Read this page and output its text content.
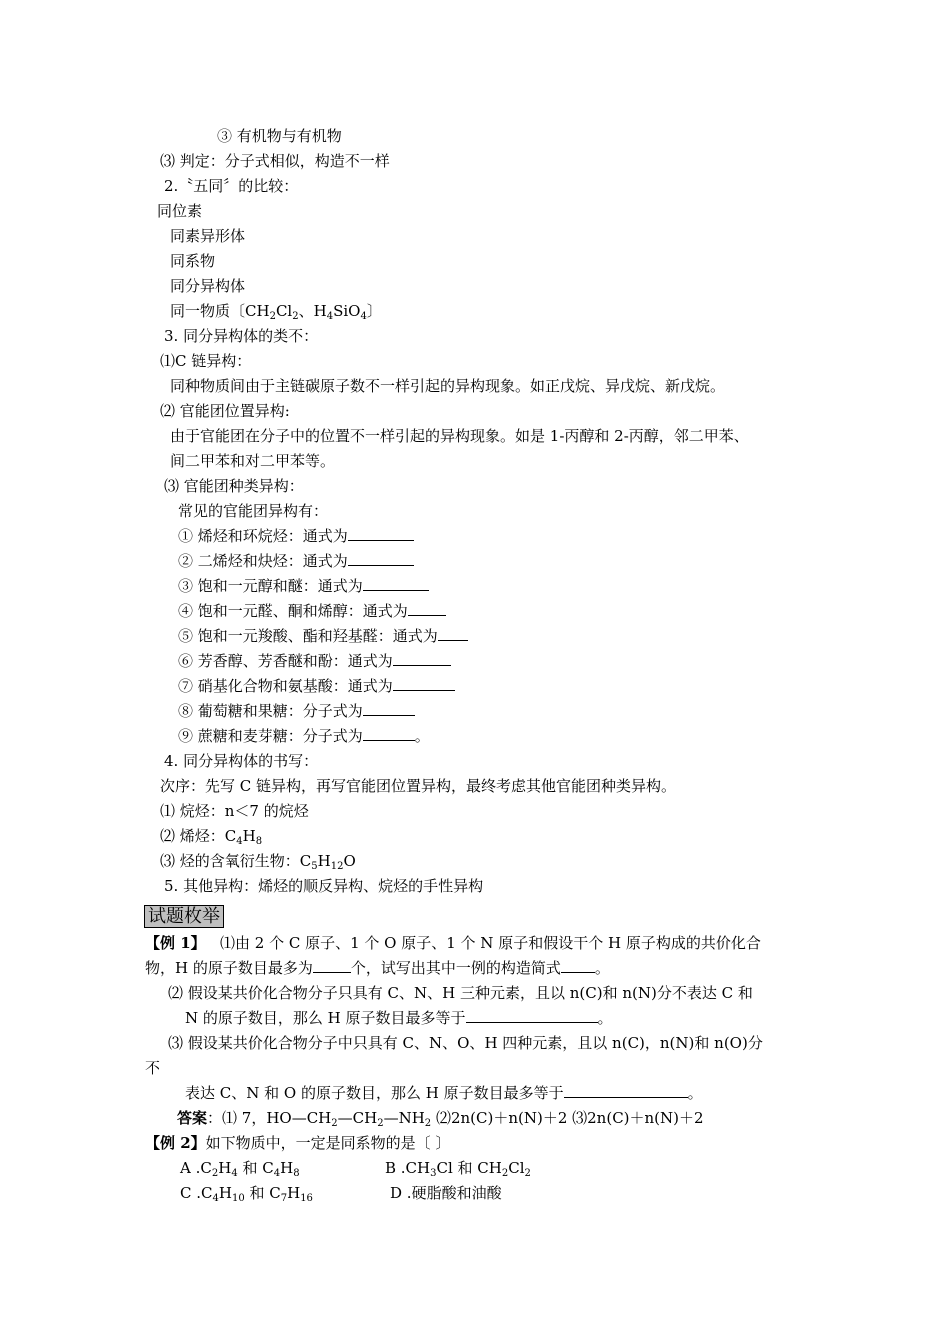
③ 有机物与有机物
⑶ 判定：分子式相似，构造不一样
2.〝五同〞的比较：
同位素
同素异形体
同系物
同分异构体
同一物质〔$CH_2Cl_2$、$H_4SiO_4$〕
3. 同分异构体的类不：
⑴C 链异构：
同种物质间由于主链碳原子数不一样引起的异构现象。如正戊烷、异戊烷、新戊烷。
⑵ 官能团位置异构:
由于官能团在分子中的位置不一样引起的异构现象。如是 1-丙醇和 2-丙醇，邻二甲苯、
间二甲苯和对二甲苯等。
⑶ 官能团种类异构：
常见的官能团异构有：
① 烯烃和环烷烃：通式为
② 二烯烃和炔烃：通式为
③ 饱和一元醇和醚：通式为
④ 饱和一元醛、酮和烯醇：通式为
⑤ 饱和一元羧酸、酯和羟基醛：通式为
⑥ 芳香醇、芳香醚和酚：通式为
⑦ 硝基化合物和氨基酸：通式为
⑧ 葡萄糖和果糖：分子式为
⑨ 蔗糖和麦芽糖：分子式为	。
4. 同分异构体的书写：
次序：先写 C 链异构，再写官能团位置异构，最终考虑其他官能团种类异构。
⑴ 烷烃：n＜7 的烷烃
⑵ 烯烃：$C_4H_8$
⑶ 烃的含氧衍生物：$C_5H_{12}O$
5. 其他异构：烯烃的顺反异构、烷烃的手性异构
试题枚举
【例 1】 ⑴由 2 个 C 原子、1 个 O 原子、1 个 N 原子和假设干个 H 原子构成的共价化合
物，H 的原子数目最多为	个，试写出其中一例的构造简式 。
⑵ 假设某共价化合物分子只具有 C、N、H 三种元素，且以 n(C)和 n(N)分不表达 C 和
N 的原子数目，那么 H 原子数目最多等于	。
⑶ 假设某共价化合物分子中只具有 C、N、O、H 四种元素，且以 n(C)，n(N)和 n(O)分
不
表达 C、N 和 O 的原子数目，那么 H 原子数目最多等于	。
答案：⑴ 7，$HO—CH_2—CH_2—NH_2$ ⑵2n(C)＋n(N)＋2 ⑶2n(C)＋n(N)＋2
【例 2】如下物质中，一定是同系物的是〔 〕
A $.C_2H_4$ 和 $C_4H_8$	B $.CH_3Cl$ 和 $CH_2Cl_2$
C $.C_4H_{10}$ 和 $C_7H_{16}$	D .硬脂酸和油酸
